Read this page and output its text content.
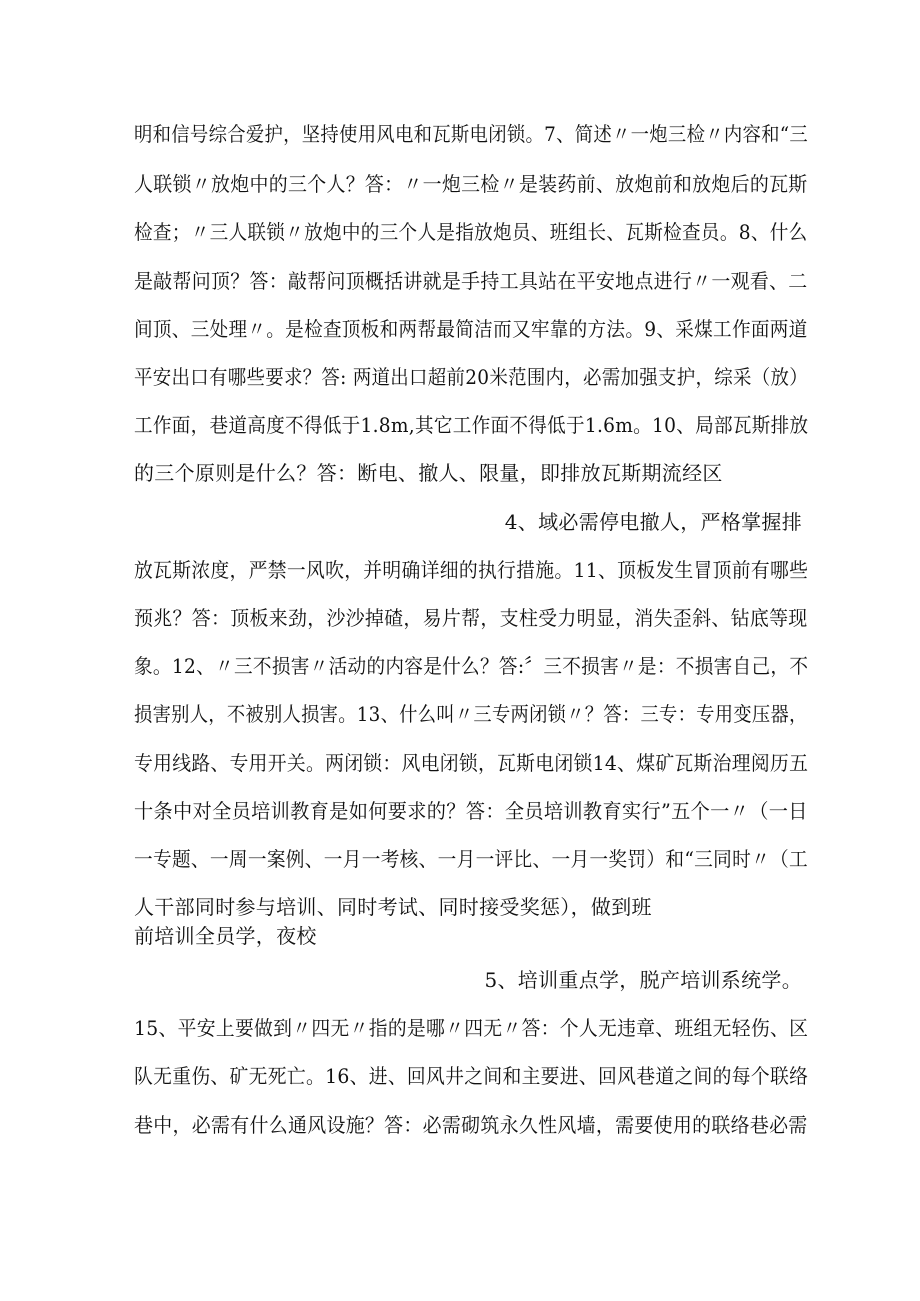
明和信号综合爱护，坚持使用风电和瓦斯电闭锁。7、简述〃一炮三检〃内容和“三
人联锁〃放炮中的三个人？答：〃一炮三检〃是装药前、放炮前和放炮后的瓦斯
检查；〃三人联锁〃放炮中的三个人是指放炮员、班组长、瓦斯检查员。8、什么
是敲帮问顶？答：敲帮问顶概括讲就是手持工具站在平安地点进行〃一观看、二
间顶、三处理〃。是检查顶板和两帮最简洁而又牢靠的方法。9、采煤工作面两道
平安出口有哪些要求？答: 两道出口超前20米范围内，必需加强支护，综采（放）
工作面，巷道高度不得低于1.8m,其它工作面不得低于1.6m。10、局部瓦斯排放
的三个原则是什么？答：断电、撤人、限量，即排放瓦斯期流经区
4、域必需停电撤人，严格掌握排
放瓦斯浓度，严禁一风吹，并明确详细的执行措施。11、顶板发生冒顶前有哪些
预兆？答：顶板来劲，沙沙掉碴，易片帮，支柱受力明显，消失歪斜、钻底等现
象。12、〃三不损害〃活动的内容是什么？答:〞三不损害〃是：不损害自己，不
损害别人，不被别人损害。13、什么叫〃三专两闭锁〃？答：三专：专用变压器，
专用线路、专用开关。两闭锁：风电闭锁，瓦斯电闭锁14、煤矿瓦斯治理阅历五
十条中对全员培训教育是如何要求的？答：全员培训教育实行”五个一〃（一日
一专题、一周一案例、一月一考核、一月一评比、一月一奖罚）和“三同时〃（工
人干部同时参与培训、同时考试、同时接受奖惩），做到班
前培训全员学，夜校
5、培训重点学，脱产培训系统学。
15、平安上要做到〃四无〃指的是哪〃四无〃答：个人无违章、班组无轻伤、区
队无重伤、矿无死亡。16、进、回风井之间和主要进、回风巷道之间的每个联络
巷中，必需有什么通风设施？答：必需砌筑永久性风墙，需要使用的联络巷必需
